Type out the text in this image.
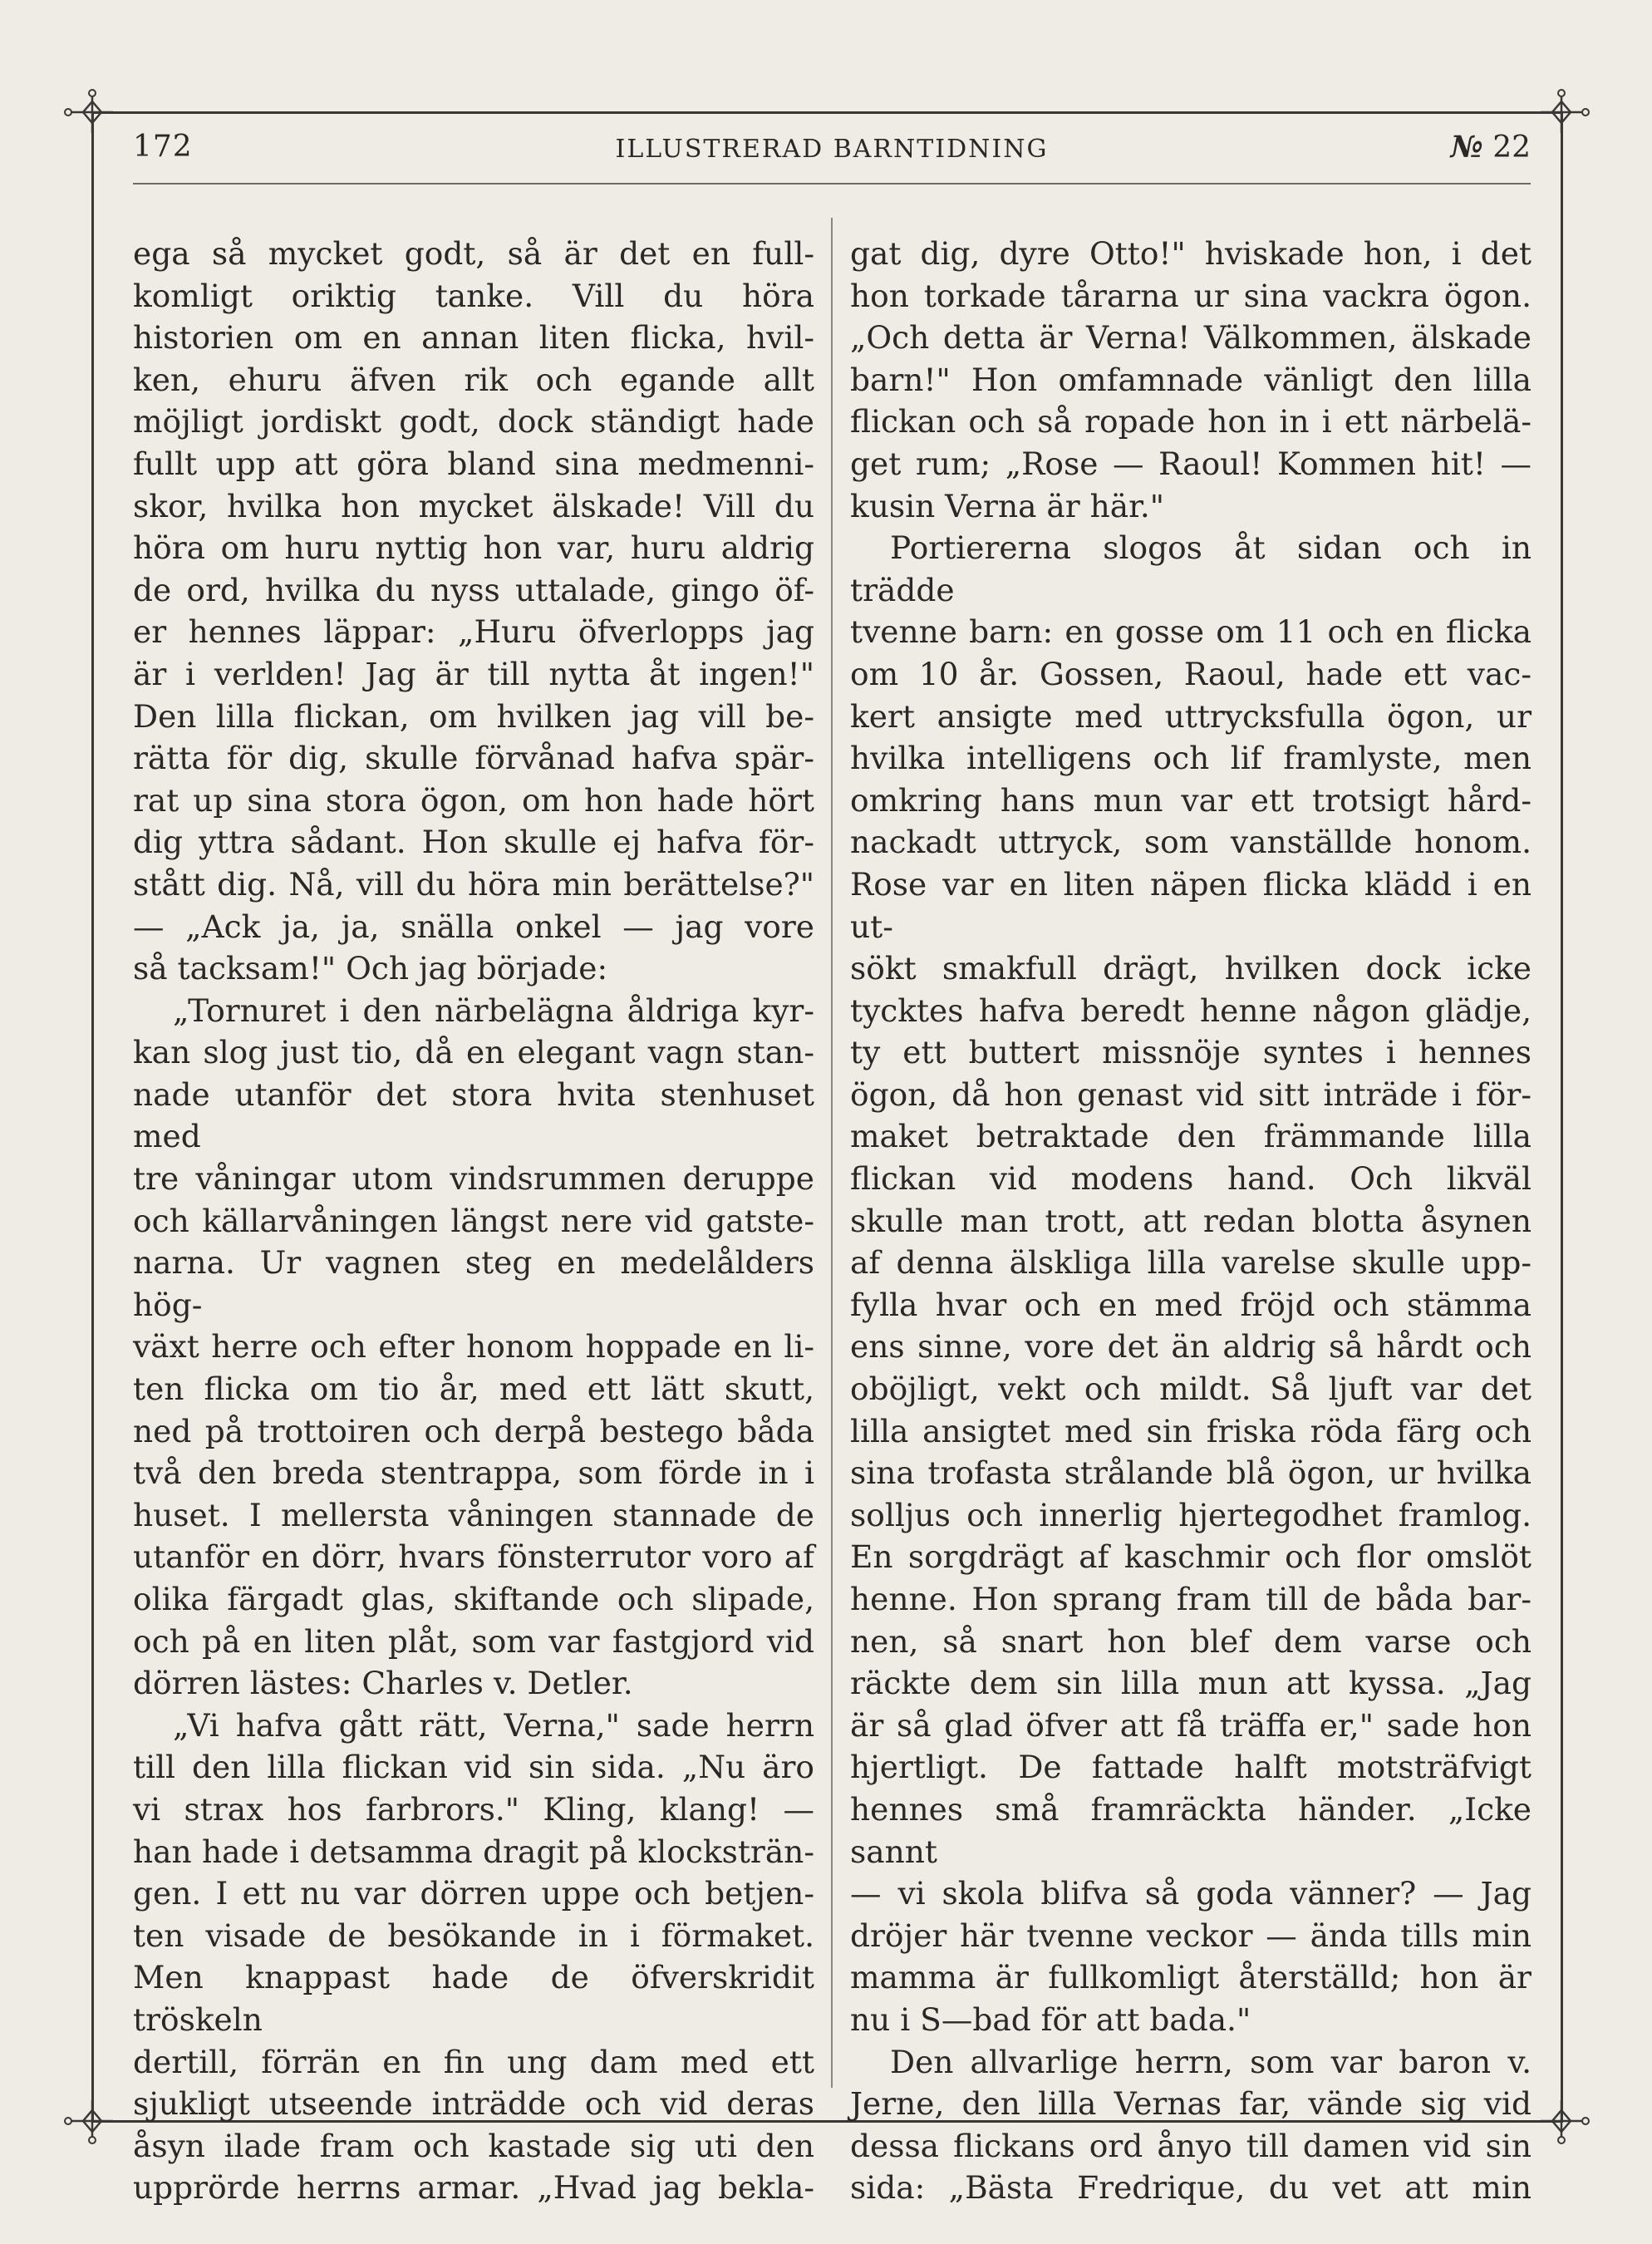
172	ILLUSTRERAD BARNTIDNING	№ 22

ega så mycket godt, så är det en full-

komligt oriktig tanke. Vill du höra

historien om en annan liten flicka, hvil-

ken, ehuru äfven rik och egande allt

möjligt jordiskt godt, dock ständigt hade

fullt upp att göra bland sina medmenni-

skor, hvilka hon mycket älskade! Vill du

höra om huru nyttig hon var, huru aldrig

de ord, hvilka du nyss uttalade, gingo öf-

er hennes läppar: „Huru öfverlopps jag

är i verlden! Jag är till nytta åt ingen!"

Den lilla flickan, om hvilken jag vill be-

rätta för dig, skulle förvånad hafva spär-

rat up sina stora ögon, om hon hade hört

dig yttra sådant. Hon skulle ej hafva för-

stått dig. Nå, vill du höra min berättelse?"

— „Ack ja, ja, snälla onkel — jag vore

så tacksam!" Och jag började:

„Tornuret i den närbelägna åldriga kyr-

kan slog just tio, då en elegant vagn stan-

nade utanför det stora hvita stenhuset med

tre våningar utom vindsrummen deruppe

och källarvåningen längst nere vid gatste-

narna. Ur vagnen steg en medelålders hög-

växt herre och efter honom hoppade en li-

ten flicka om tio år, med ett lätt skutt,

ned på trottoiren och derpå bestego båda

två den breda stentrappa, som förde in i

huset. I mellersta våningen stannade de

utanför en dörr, hvars fönsterrutor voro af

olika färgadt glas, skiftande och slipade,

och på en liten plåt, som var fastgjord vid

dörren lästes: Charles v. Detler.

„Vi hafva gått rätt, Verna," sade herrn

till den lilla flickan vid sin sida. „Nu äro

vi strax hos farbrors." Kling, klang! —

han hade i detsamma dragit på klocksträn-

gen. I ett nu var dörren uppe och betjen-

ten visade de besökande in i förmaket.

Men knappast hade de öfverskridit tröskeln

dertill, förrän en fin ung dam med ett

sjukligt utseende inträdde och vid deras

åsyn ilade fram och kastade sig uti den

upprörde herrns armar. „Hvad jag bekla-

gat dig, dyre Otto!" hviskade hon, i det

hon torkade tårarna ur sina vackra ögon.

„Och detta är Verna! Välkommen, älskade

barn!" Hon omfamnade vänligt den lilla

flickan och så ropade hon in i ett närbelä-

get rum; „Rose — Raoul! Kommen hit! —

kusin Verna är här."

Portiererna slogos åt sidan och in trädde

tvenne barn: en gosse om 11 och en flicka

om 10 år. Gossen, Raoul, hade ett vac-

kert ansigte med uttrycksfulla ögon, ur

hvilka intelligens och lif framlyste, men

omkring hans mun var ett trotsigt hård-

nackadt uttryck, som vanställde honom.

Rose var en liten näpen flicka klädd i en ut-

sökt smakfull drägt, hvilken dock icke

tycktes hafva beredt henne någon glädje,

ty ett buttert missnöje syntes i hennes

ögon, då hon genast vid sitt inträde i för-

maket betraktade den främmande lilla

flickan vid modens hand. Och likväl

skulle man trott, att redan blotta åsynen

af denna älskliga lilla varelse skulle upp-

fylla hvar och en med fröjd och stämma

ens sinne, vore det än aldrig så hårdt och

oböjligt, vekt och mildt. Så ljuft var det

lilla ansigtet med sin friska röda färg och

sina trofasta strålande blå ögon, ur hvilka

solljus och innerlig hjertegodhet framlog.

En sorgdrägt af kaschmir och flor omslöt

henne. Hon sprang fram till de båda bar-

nen, så snart hon blef dem varse och

räckte dem sin lilla mun att kyssa. „Jag

är så glad öfver att få träffa er," sade hon

hjertligt. De fattade halft motsträfvigt

hennes små framräckta händer. „Icke sannt

— vi skola blifva så goda vänner? — Jag

dröjer här tvenne veckor — ända tills min

mamma är fullkomligt återställd; hon är

nu i S—bad för att bada."

Den allvarlige herrn, som var baron v.

Jerne, den lilla Vernas far, vände sig vid

dessa flickans ord ånyo till damen vid sin

sida: „Bästa Fredrique, du vet att min
